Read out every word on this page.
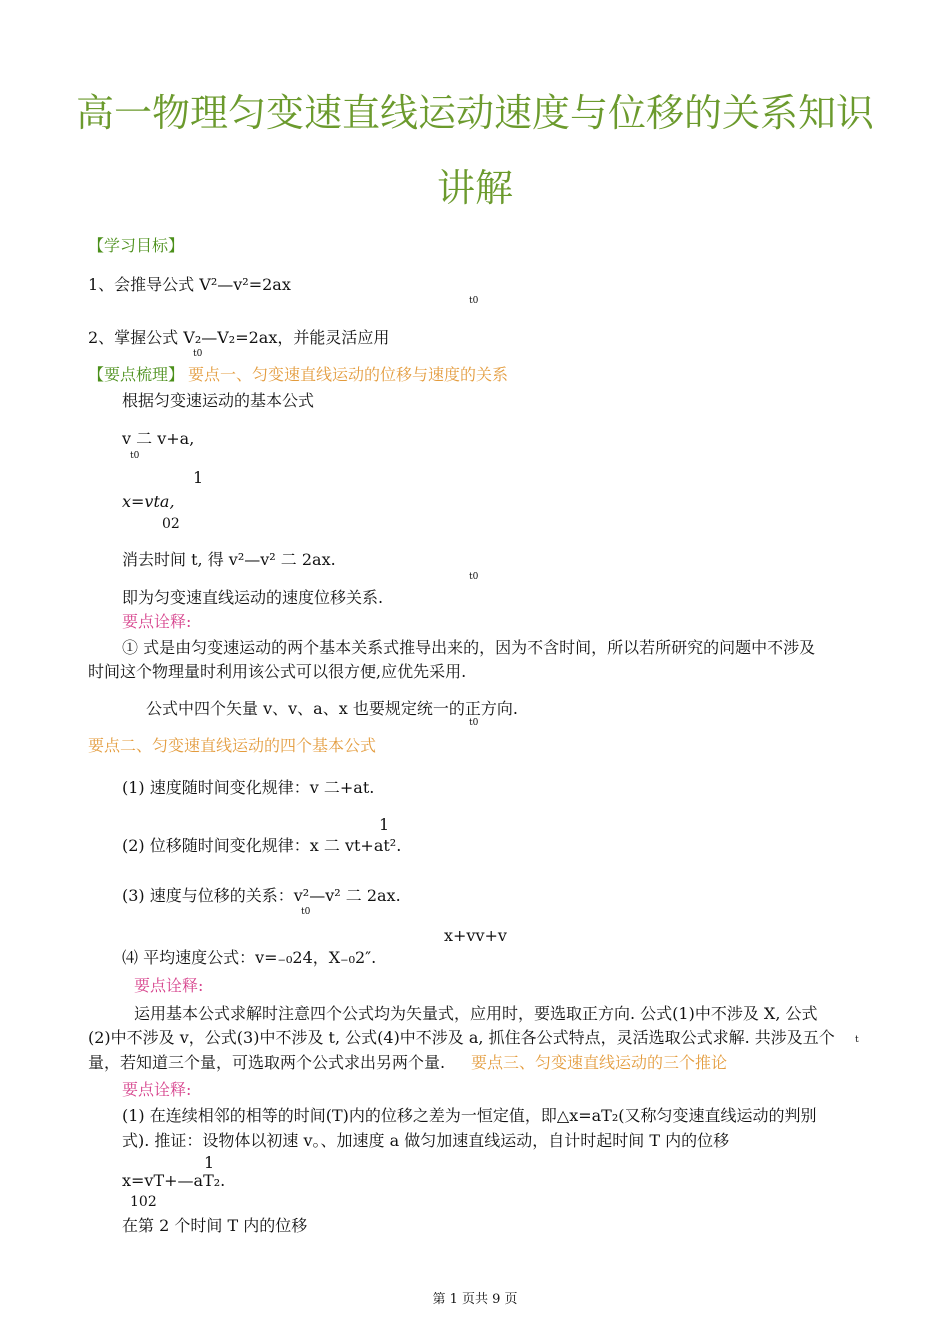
高一物理匀变速直线运动速度与位移的关系知识
讲解
【学习目标】
1、会推导公式 V²—v²=2ax
t0
2、掌握公式 V₂—V₂=2ax，并能灵活应用
t0
【要点梳理】 要点一、匀变速直线运动的位移与速度的关系
根据匀变速运动的基本公式
v 二 v+a,
t0
1
x=vta,
02
消去时间 t, 得 v²—v² 二 2ax.
t0
即为匀变速直线运动的速度位移关系.
要点诠释:
① 式是由匀变速运动的两个基本关系式推导出来的，因为不含时间，所以若所研究的问题中不涉及
时间这个物理量时利用该公式可以很方便,应优先采用.
公式中四个矢量 v、v、a、x 也要规定统一的正方向.
t0
要点二、匀变速直线运动的四个基本公式
(1) 速度随时间变化规律：v 二+at.
1
(2) 位移随时间变化规律：x 二 vt+at².
(3) 速度与位移的关系：v²—v² 二 2ax.
t0
x+vv+v
⑷ 平均速度公式：v=₋₀24，X₋₀2″.
要点诠释:
运用基本公式求解时注意四个公式均为矢量式，应用时，要选取正方向. 公式(1)中不涉及 X, 公式
(2)中不涉及 v，公式(3)中不涉及 t, 公式(4)中不涉及 a, 抓住各公式特点，灵活选取公式求解. 共涉及五个 t
量，若知道三个量，可选取两个公式求出另两个量. 要点三、匀变速直线运动的三个推论
要点诠释:
(1) 在连续相邻的相等的时间(T)内的位移之差为一恒定值，即△x=aT₂(又称匀变速直线运动的判别
式). 推证：设物体以初速 v。、加速度 a 做匀加速直线运动，自计时起时间 T 内的位移
1
x=vT+—aT₂.
102
在第 2 个时间 T 内的位移
第 1 页共 9 页
